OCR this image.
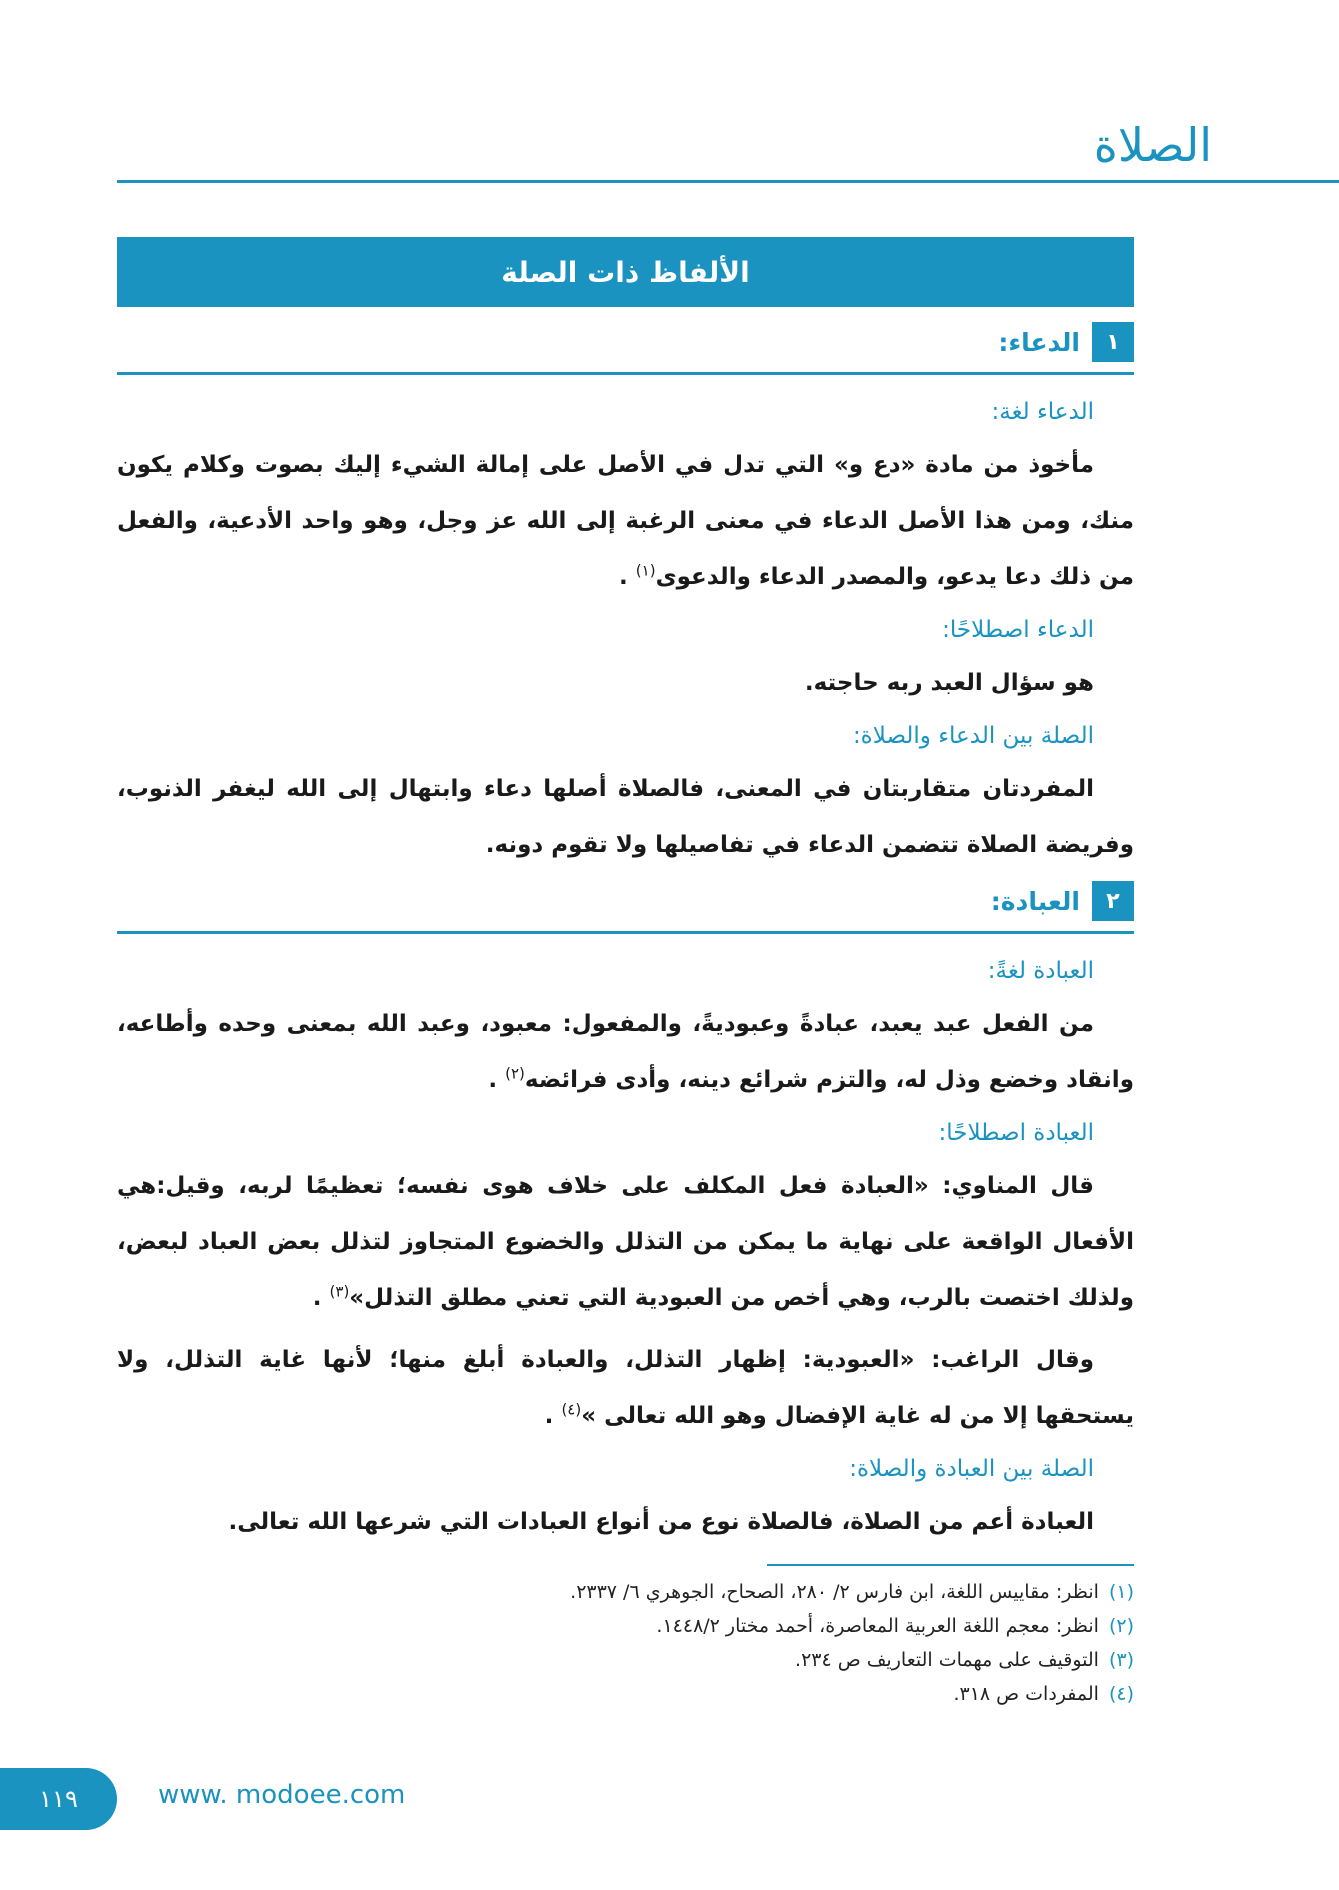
الصلاة
الألفاظ ذات الصلة
١
الدعاء:
الدعاء لغة:

مأخوذ من مادة «دع و» التي تدل في الأصل على إمالة الشيء إليك بصوت وكلام يكون منك، ومن هذا الأصل الدعاء في معنى الرغبة إلى الله عز وجل، وهو واحد الأدعية، والفعل من ذلك دعا يدعو، والمصدر الدعاء والدعوى$^{(١)}$ .

الدعاء اصطلاحًا:

هو سؤال العبد ربه حاجته.

الصلة بين الدعاء والصلاة:

المفردتان متقاربتان في المعنى، فالصلاة أصلها دعاء وابتهال إلى الله ليغفر الذنوب، وفريضة الصلاة تتضمن الدعاء في تفاصيلها ولا تقوم دونه.

٢
العبادة:
العبادة لغةً:

من الفعل عبد يعبد، عبادةً وعبوديةً، والمفعول: معبود، وعبد الله بمعنى وحده وأطاعه، وانقاد وخضع وذل له، والتزم شرائع دينه، وأدى فرائضه$^{(٢)}$ .

العبادة اصطلاحًا:

قال المناوي: «العبادة فعل المكلف على خلاف هوى نفسه؛ تعظيمًا لربه، وقيل:هي الأفعال الواقعة على نهاية ما يمكن من التذلل والخضوع المتجاوز لتذلل بعض العباد لبعض، ولذلك اختصت بالرب، وهي أخص من العبودية التي تعني مطلق التذلل»$^{(٣)}$ .

وقال الراغب: «العبودية: إظهار التذلل، والعبادة أبلغ منها؛ لأنها غاية التذلل، ولا يستحقها إلا من له غاية الإفضال وهو الله تعالى »$^{(٤)}$ .

الصلة بين العبادة والصلاة:

العبادة أعم من الصلاة، فالصلاة نوع من أنواع العبادات التي شرعها الله تعالى.

(١)انظر: مقاييس اللغة، ابن فارس ٢/ ٢٨٠، الصحاح، الجوهري ٦/ ٢٣٣٧.
(٢)انظر: معجم اللغة العربية المعاصرة، أحمد مختار ١٤٤٨/٢.
(٣)التوقيف على مهمات التعاريف ص ٢٣٤.
(٤)المفردات ص ٣١٨.
١١٩	www. modoee.com
